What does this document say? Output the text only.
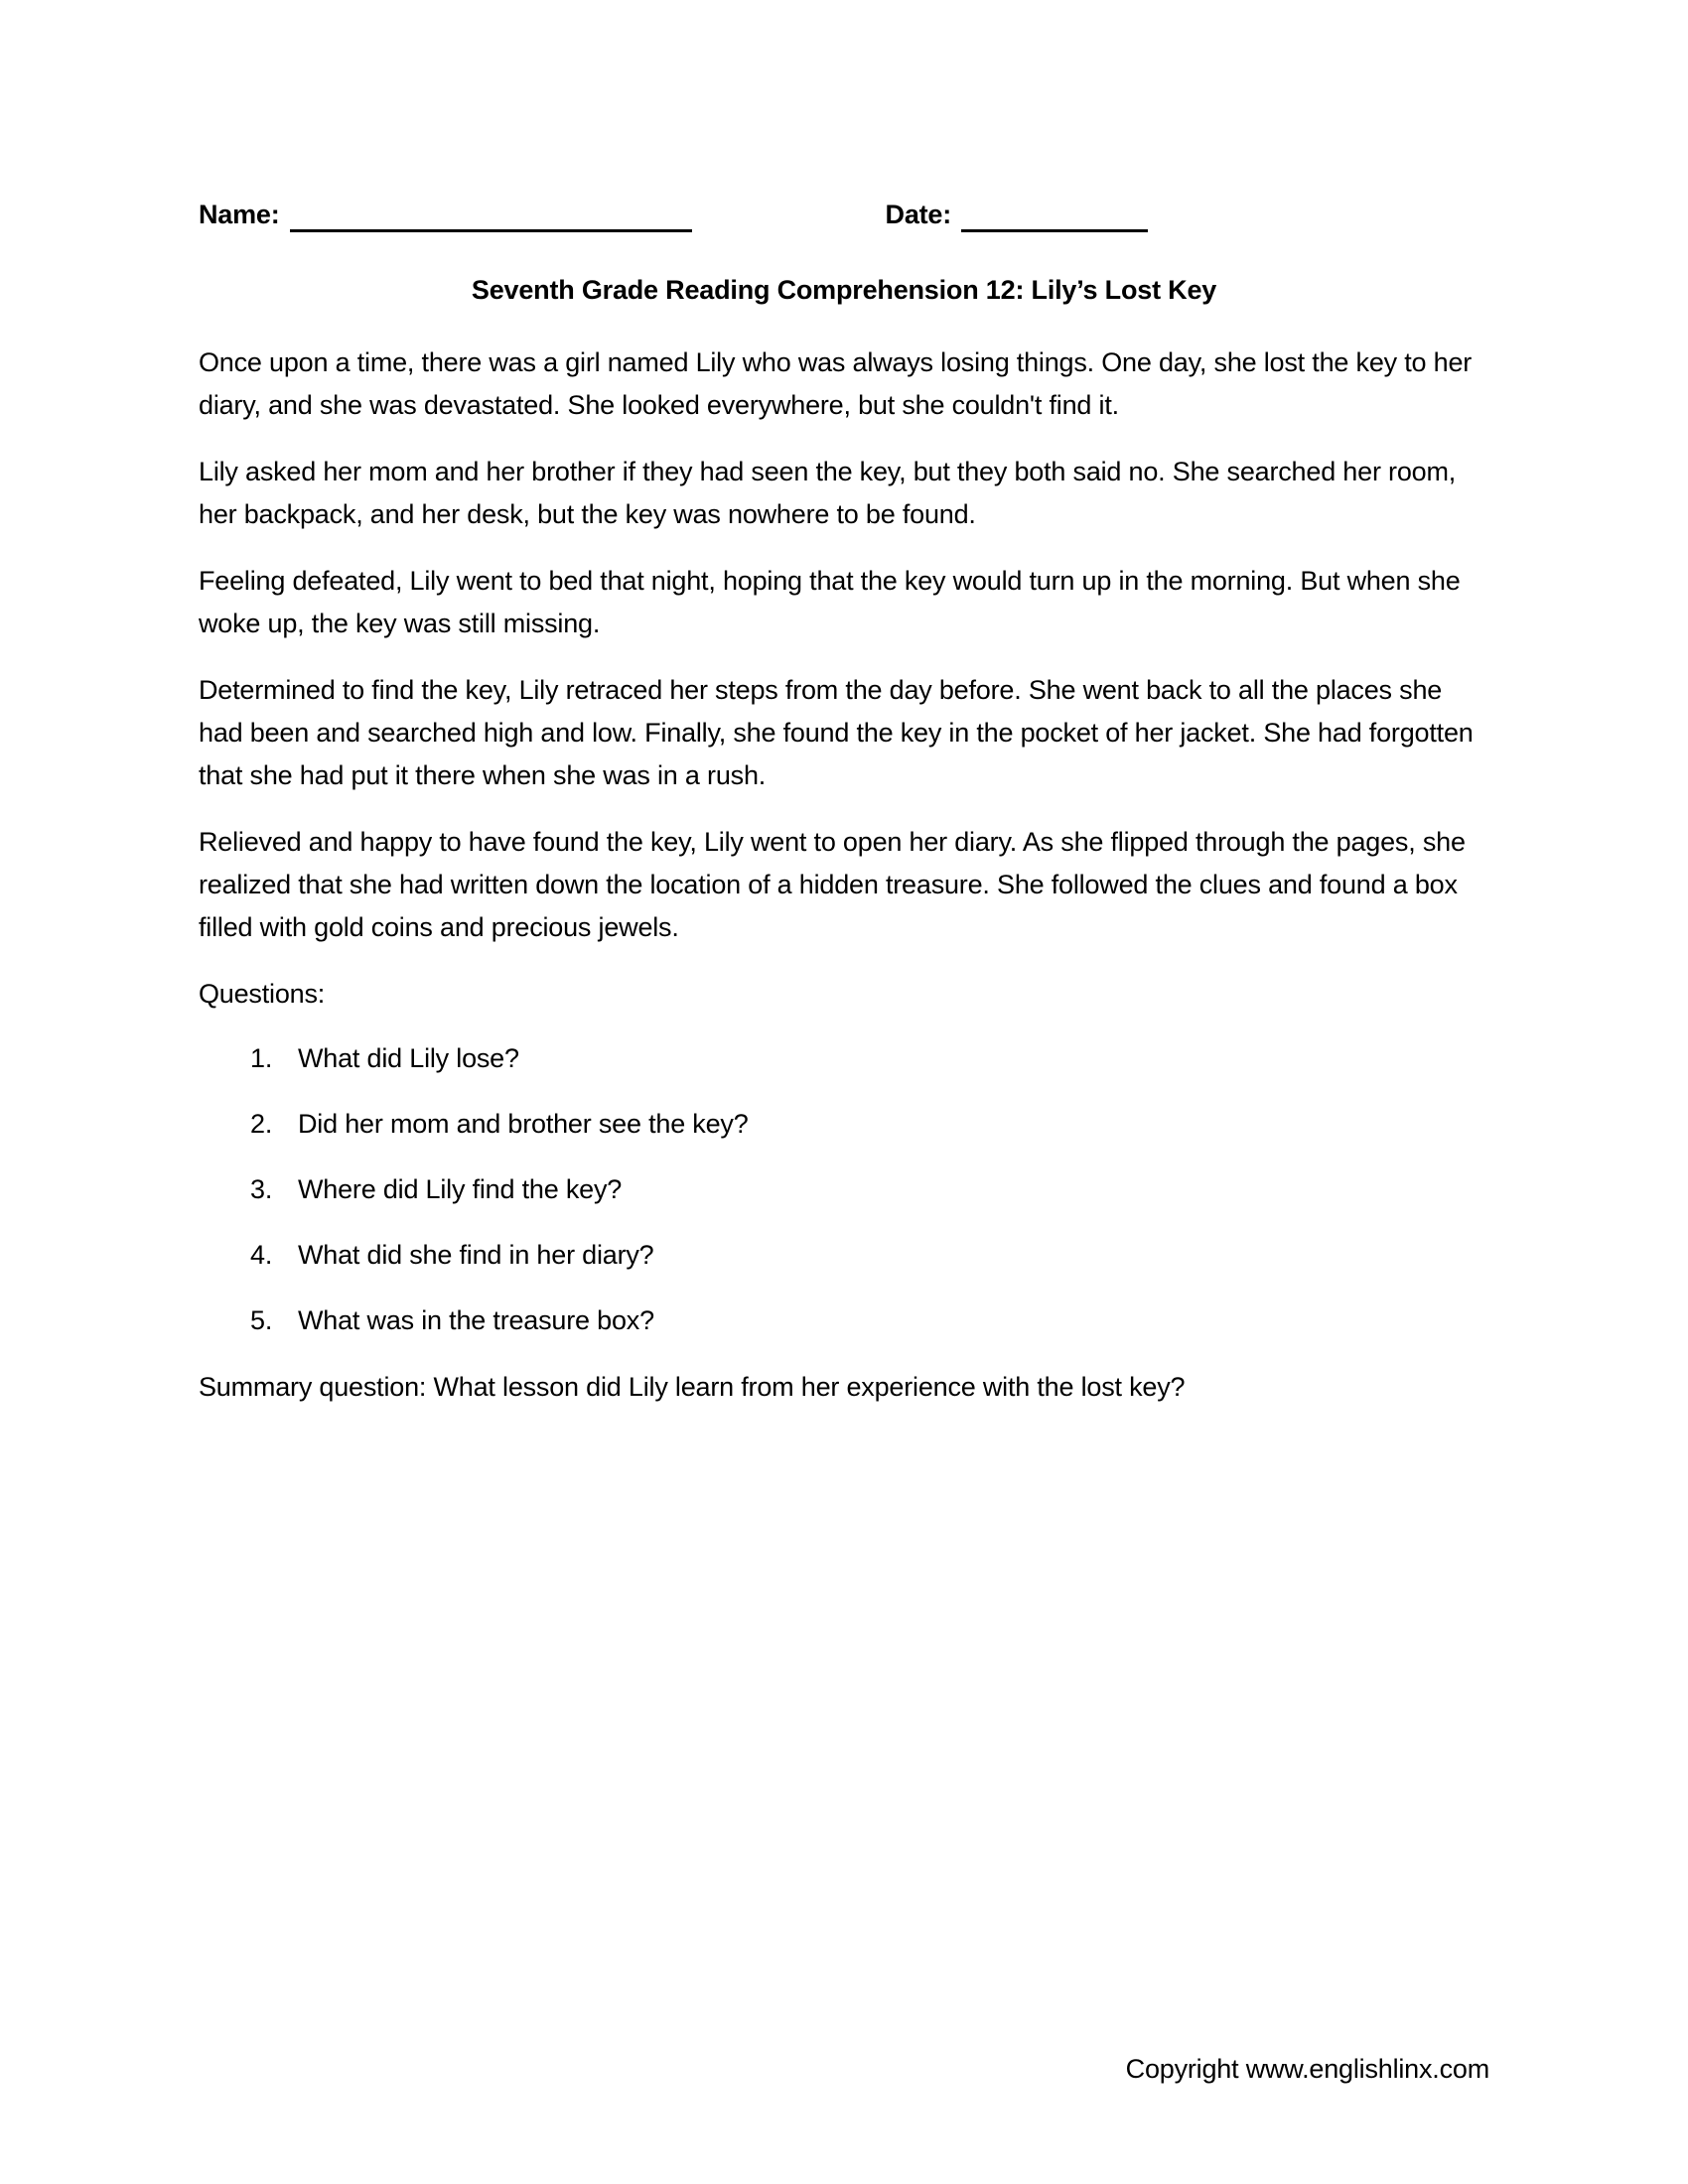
Name:	Date:
Seventh Grade Reading Comprehension 12: Lily’s Lost Key

Once upon a time, there was a girl named Lily who was always losing things. One day, she lost the key to her diary, and she was devastated. She looked everywhere, but she couldn't find it.

Lily asked her mom and her brother if they had seen the key, but they both said no. She searched her room, her backpack, and her desk, but the key was nowhere to be found.

Feeling defeated, Lily went to bed that night, hoping that the key would turn up in the morning. But when she woke up, the key was still missing.

Determined to find the key, Lily retraced her steps from the day before. She went back to all the places she had been and searched high and low. Finally, she found the key in the pocket of her jacket. She had forgotten that she had put it there when she was in a rush.

Relieved and happy to have found the key, Lily went to open her diary. As she flipped through the pages, she realized that she had written down the location of a hidden treasure. She followed the clues and found a box filled with gold coins and precious jewels.

Questions:

1. What did Lily lose?
2. Did her mom and brother see the key?
3. Where did Lily find the key?
4. What did she find in her diary?
5. What was in the treasure box?

Summary question: What lesson did Lily learn from her experience with the lost key?

Copyright www.englishlinx.com
